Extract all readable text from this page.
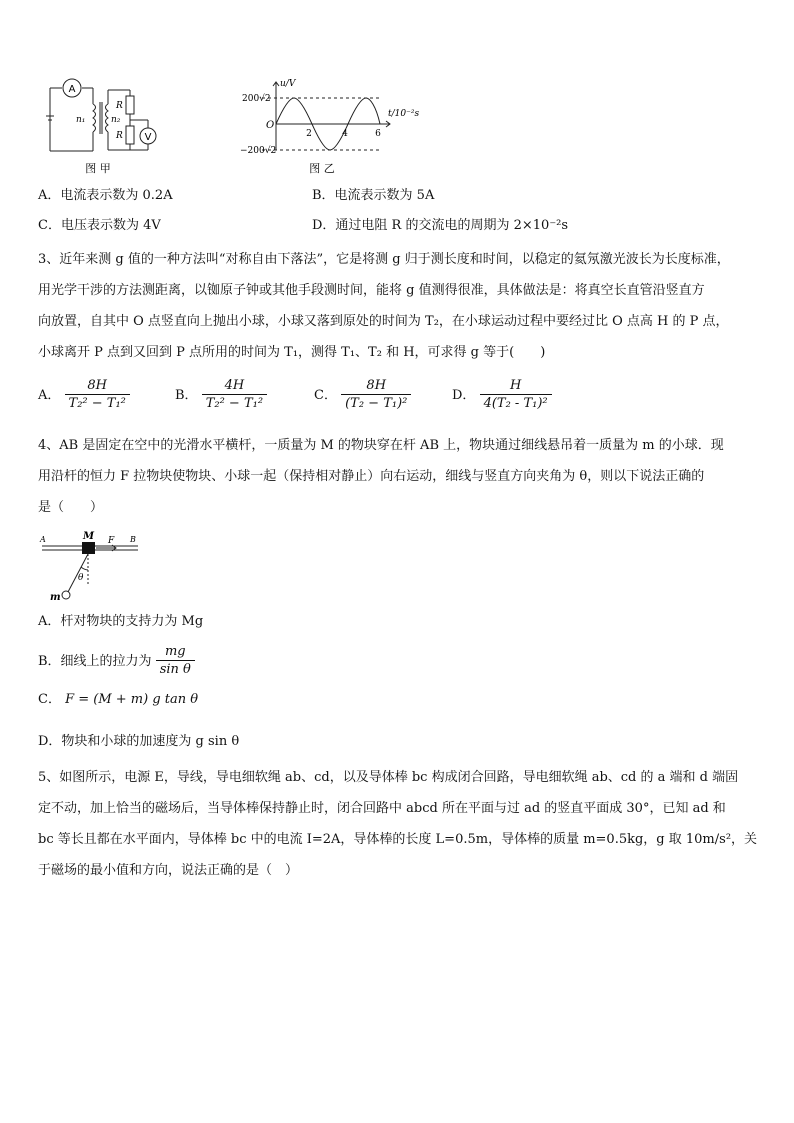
A
V
n₁	n₂
R
R
图 甲
u/V
t/10⁻²s
200√2
−200√2
O
2	4	6
图 乙
A．电流表示数为 0.2A	B．电流表示数为 5A
C．电压表示数为 4V	D．通过电阻 R 的交流电的周期为 2×10⁻²s
3、近年来测 g 值的一种方法叫“对称自由下落法”，它是将测 g 归于测长度和时间，以稳定的氦氖激光波长为长度标准，
用光学干涉的方法测距离，以铷原子钟或其他手段测时间，能将 g 值测得很准，具体做法是：将真空长直管沿竖直方
向放置，自其中 O 点竖直向上抛出小球，小球又落到原处的时间为 T₂，在小球运动过程中要经过比 O 点高 H 的 P 点，
小球离开 P 点到又回到 P 点所用的时间为 T₁，测得 T₁、T₂ 和 H，可求得 g 等于(　　)
A． $\frac{8H}{\text{T₂² − T₁²}}$	B． $\frac{4H}{\text{T₂² − T₁²}}$	C． $\frac{8H}{\text{(T₂ − T₁)²}}$	D． $\frac{H}{\text{4(T₂ - T₁)²}}$
4、AB 是固定在空中的光滑水平横杆，一质量为 M 的物块穿在杆 AB 上，物块通过细线悬吊着一质量为 m 的小球．现
用沿杆的恒力 F 拉物块使物块、小球一起（保持相对静止）向右运动，细线与竖直方向夹角为 θ，则以下说法正确的
是（　　）
A	B
M F
θ
m
A．杆对物块的支持力为 Mg
B．细线上的拉力为 $\frac{mg}{\text{sin θ}}$
C． F = (M + m) g tan θ
D．物块和小球的加速度为 g sin θ
5、如图所示，电源 E，导线，导电细软绳 ab、cd，以及导体棒 bc 构成闭合回路，导电细软绳 ab、cd 的 a 端和 d 端固
定不动，加上恰当的磁场后，当导体棒保持静止时，闭合回路中 abcd 所在平面与过 ad 的竖直平面成 30°，已知 ad 和
bc 等长且都在水平面内，导体棒 bc 中的电流 I=2A，导体棒的长度 L=0.5m，导体棒的质量 m=0.5kg，g 取 10m/s²，关
于磁场的最小值和方向，说法正确的是（　）
